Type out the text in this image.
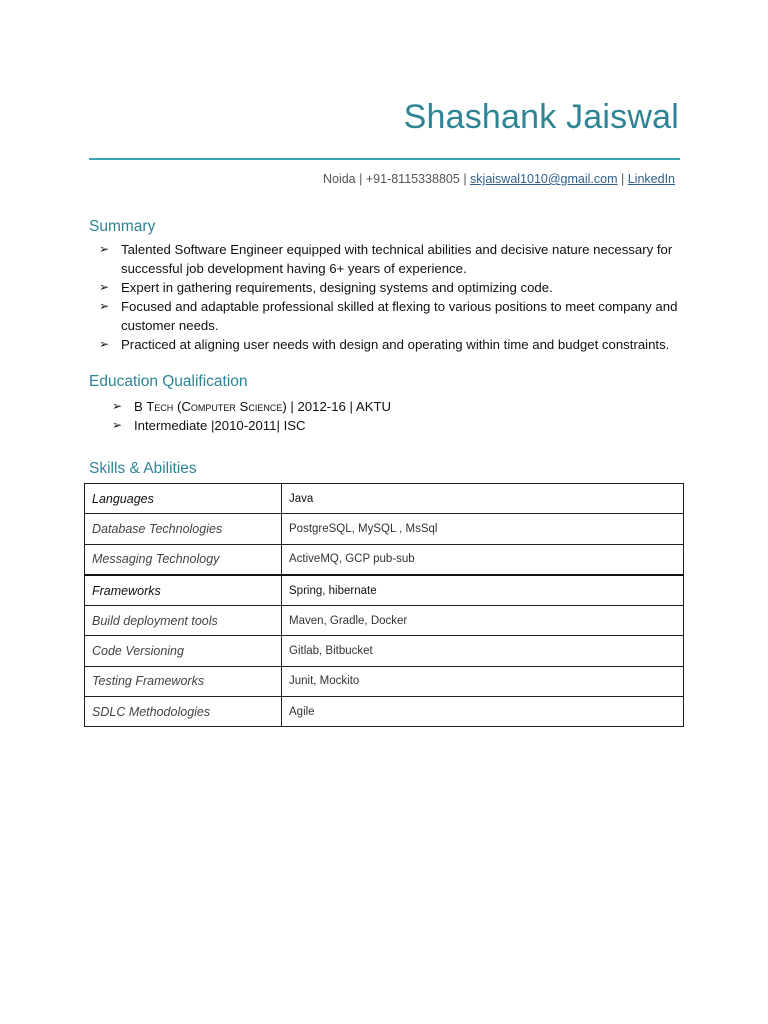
Shashank Jaiswal
Noida | +91-8115338805 | skjaiswal1010@gmail.com | LinkedIn
Summary
➢ Talented Software Engineer equipped with technical abilities and decisive nature necessary for successful job development having 6+ years of experience.
➢ Expert in gathering requirements, designing systems and optimizing code.
➢ Focused and adaptable professional skilled at flexing to various positions to meet company and customer needs.
➢ Practiced at aligning user needs with design and operating within time and budget constraints.
Education Qualification
➢ B Tech (Computer Science) | 2012-16 | AKTU
➢ Intermediate |2010-2011| ISC
Skills & Abilities
Languages	Java
Database Technologies	PostgreSQL, MySQL , MsSql
Messaging Technology	ActiveMQ, GCP pub-sub
Frameworks	Spring, hibernate
Build deployment tools	Maven, Gradle, Docker
Code Versioning	Gitlab, Bitbucket
Testing Frameworks	Junit, Mockito
SDLC Methodologies	Agile
